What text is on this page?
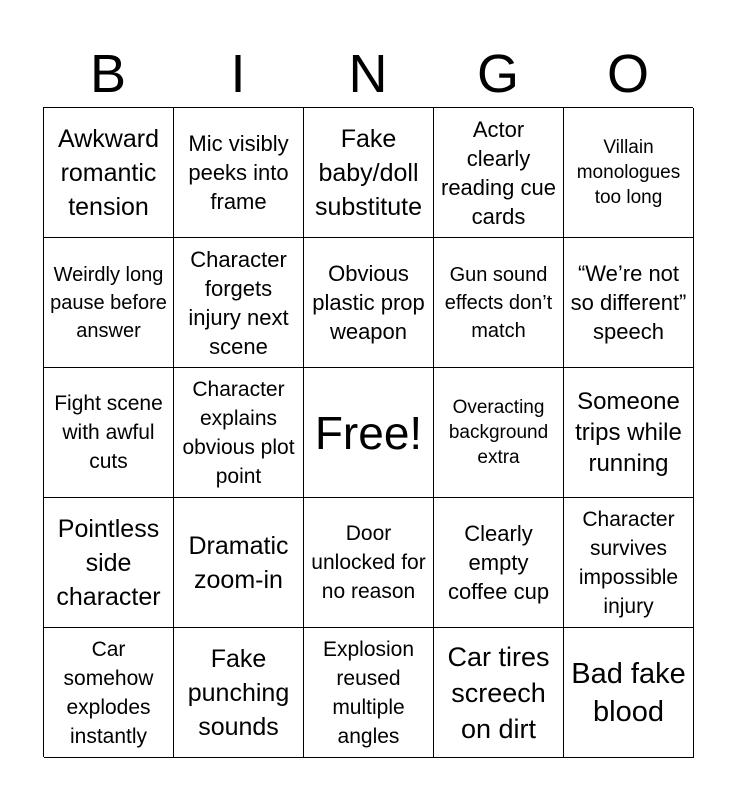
B	I	N	G	O
Awkward romantic tension
Mic visibly peeks into frame
Fake baby/doll substitute
Actor clearly reading cue cards
Villain monologues too long
Weirdly long pause before answer
Character forgets injury next scene
Obvious plastic prop weapon
Gun sound effects don’t match
“We’re not so different” speech
Fight scene with awful cuts
Character explains obvious plot point
Free!	Overacting background extra
Someone trips while running
Pointless side character
Dramatic zoom-in
Door unlocked for no reason
Clearly empty coffee cup
Character survives impossible injury
Car somehow explodes instantly
Fake punching sounds
Explosion reused multiple angles
Car tires screech on dirt
Bad fake blood
